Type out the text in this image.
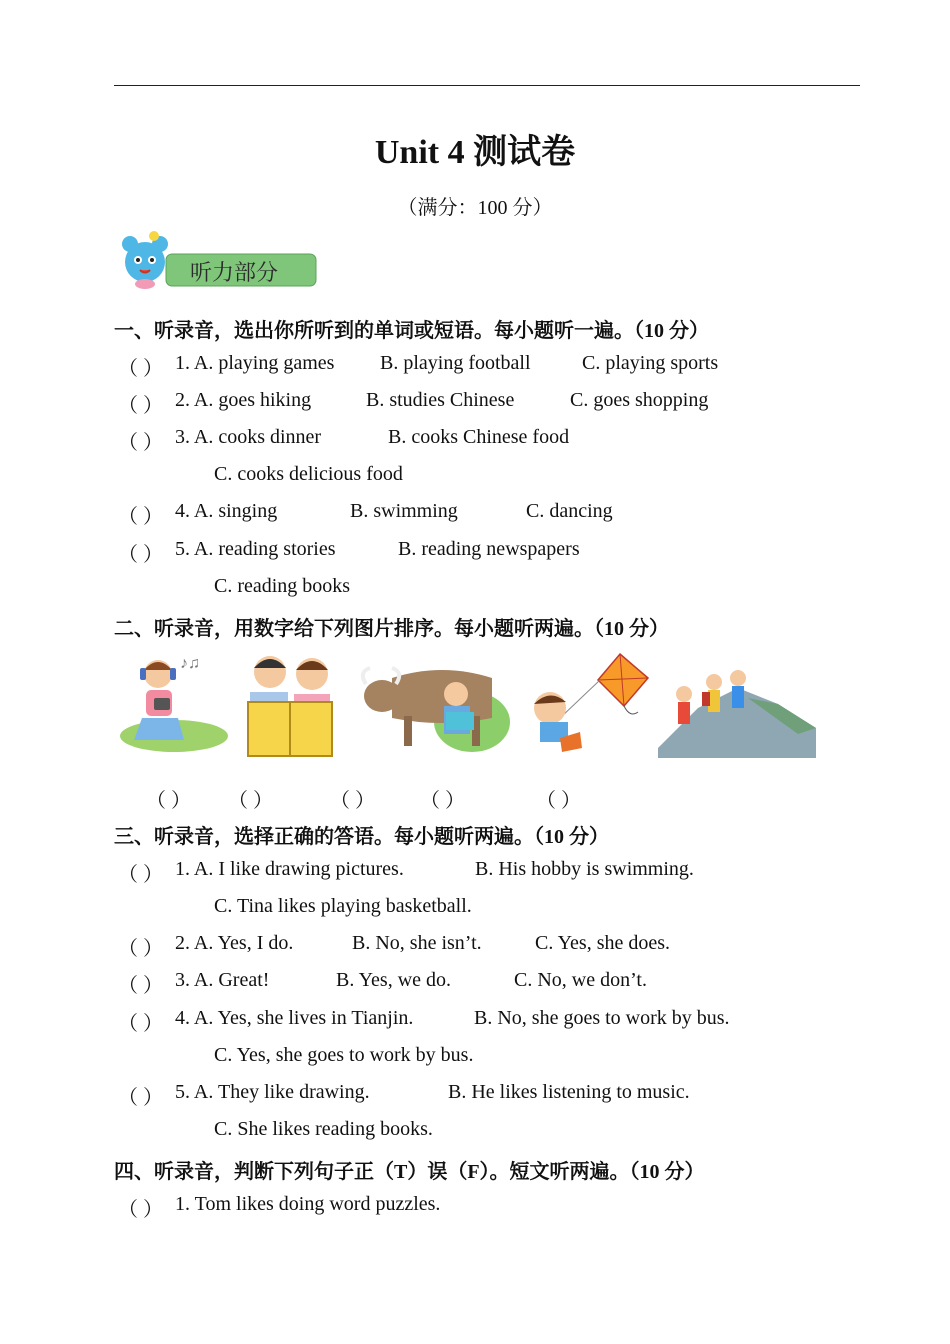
Unit 4 测试卷
（满分：100 分）
听力部分
一、听录音，选出你所听到的单词或短语。每小题听一遍。（10 分）
（ ） 1. A. playing games B. playing football	C. playing sports
（ ） 2. A. goes hiking	B. studies Chinese	C. goes shopping
（ ） 3. A. cooks dinner	B. cooks Chinese food
C. cooks delicious food
（ ） 4. A. singing	B. swimming	C. dancing
（ ） 5. A. reading stories	B. reading newspapers
C. reading books
二、听录音，用数字给下列图片排序。每小题听两遍。（10 分）
♪♫
（ ） （ ）	（ ） （ ）	（ ）
三、听录音，选择正确的答语。每小题听两遍。（10 分）
（ ） 1. A. I like drawing pictures.	B. His hobby is swimming.
C. Tina likes playing basketball.
（ ） 2. A. Yes, I do.	B. No, she isn’t.	C. Yes, she does.
（ ） 3. A. Great!	B. Yes, we do.	C. No, we don’t.
（ ） 4. A. Yes, she lives in Tianjin.	B. No, she goes to work by bus.
C. Yes, she goes to work by bus.
（ ） 5. A. They like drawing.	B. He likes listening to music.
C. She likes reading books.
四、听录音，判断下列句子正（T）误（F）。短文听两遍。（10 分）
（ ） 1. Tom likes doing word puzzles.
